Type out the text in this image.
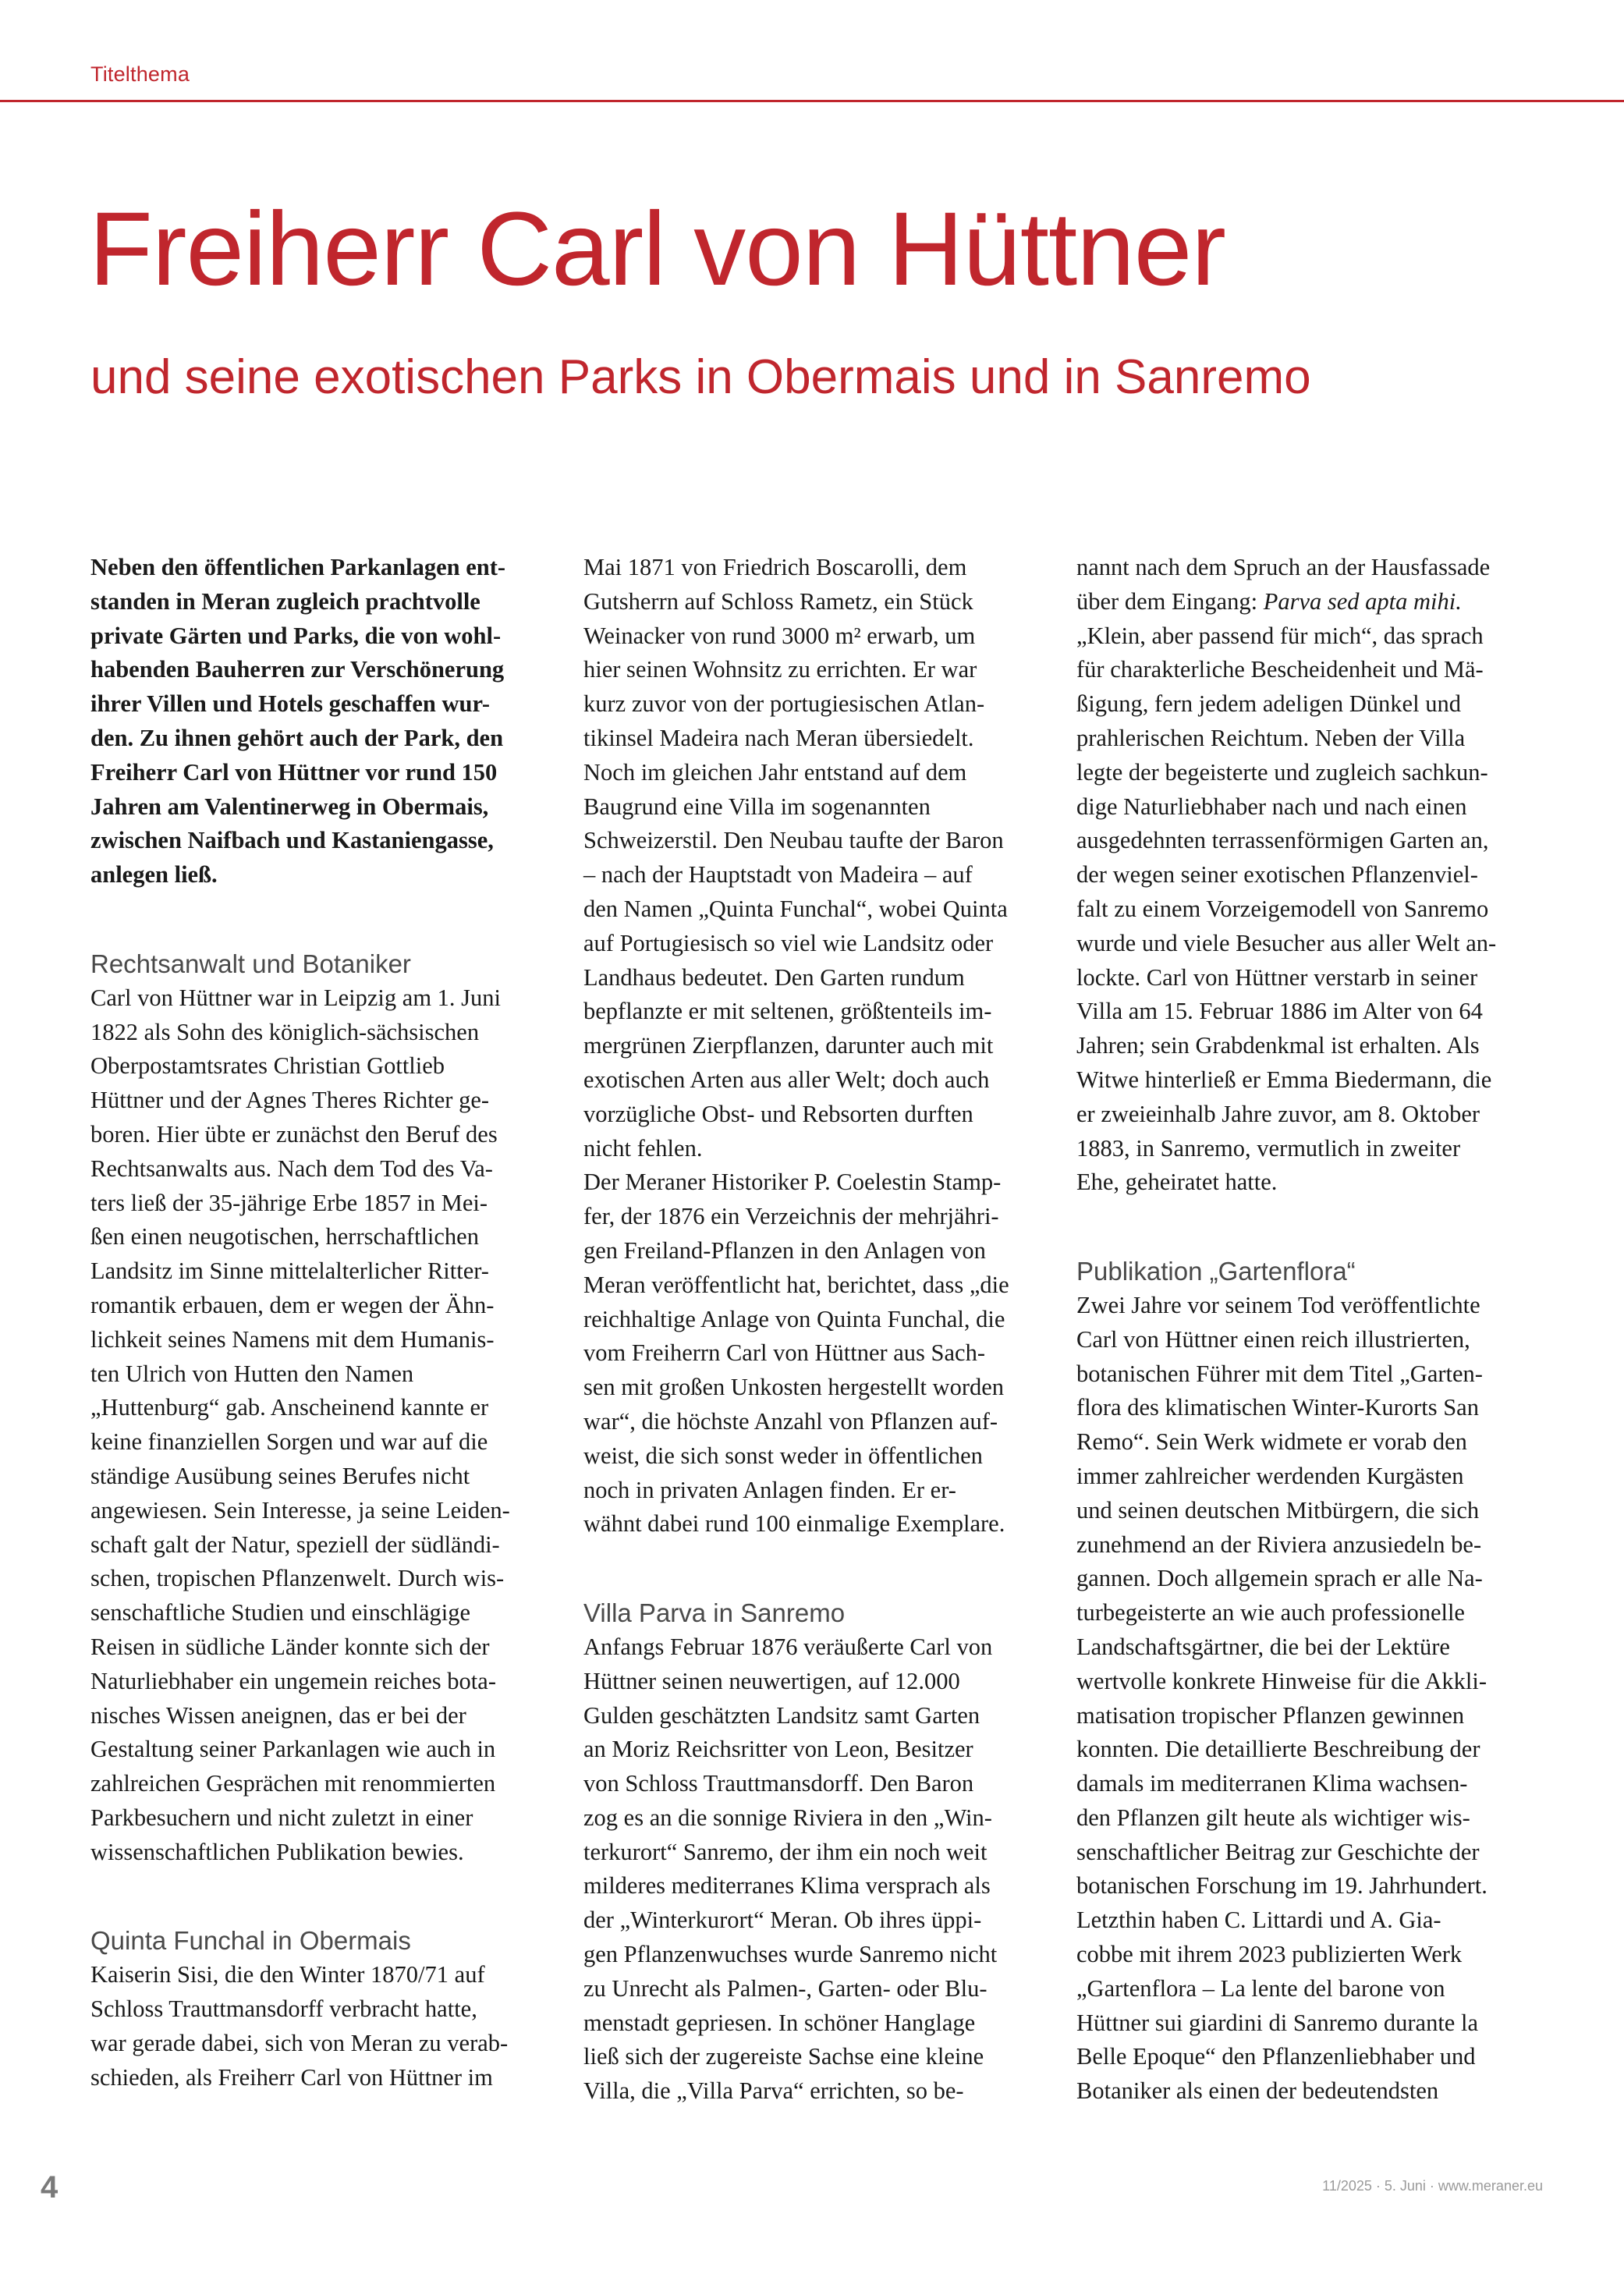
Titelthema
Freiherr Carl von Hüttner
und seine exotischen Parks in Obermais und in Sanremo

Neben den öffentlichen Parkanlagen ent-
standen in Meran zugleich prachtvolle
private Gärten und Parks, die von wohl-
habenden Bauherren zur Verschönerung
ihrer Villen und Hotels geschaffen wur-
den. Zu ihnen gehört auch der Park, den
Freiherr Carl von Hüttner vor rund 150
Jahren am Valentinerweg in Obermais,
zwischen Naifbach und Kastaniengasse,
anlegen ließ.

Rechtsanwalt und Botaniker

Carl von Hüttner war in Leipzig am 1. Juni
1822 als Sohn des königlich-sächsischen
Oberpostamtsrates Christian Gottlieb
Hüttner und der Agnes Theres Richter ge-
boren. Hier übte er zunächst den Beruf des
Rechtsanwalts aus. Nach dem Tod des Va-
ters ließ der 35-jährige Erbe 1857 in Mei-
ßen einen neugotischen, herrschaftlichen
Landsitz im Sinne mittelalterlicher Ritter-
romantik erbauen, dem er wegen der Ähn-
lichkeit seines Namens mit dem Humanis-
ten Ulrich von Hutten den Namen
„Huttenburg“ gab. Anscheinend kannte er
keine finanziellen Sorgen und war auf die
ständige Ausübung seines Berufes nicht
angewiesen. Sein Interesse, ja seine Leiden-
schaft galt der Natur, speziell der südländi-
schen, tropischen Pflanzenwelt. Durch wis-
senschaftliche Studien und einschlägige
Reisen in südliche Länder konnte sich der
Naturliebhaber ein ungemein reiches bota-
nisches Wissen aneignen, das er bei der
Gestaltung seiner Parkanlagen wie auch in
zahlreichen Gesprächen mit renommierten
Parkbesuchern und nicht zuletzt in einer
wissenschaftlichen Publikation bewies.

Quinta Funchal in Obermais

Kaiserin Sisi, die den Winter 1870/71 auf
Schloss Trauttmansdorff verbracht hatte,
war gerade dabei, sich von Meran zu verab-
schieden, als Freiherr Carl von Hüttner im

Mai 1871 von Friedrich Boscarolli, dem
Gutsherrn auf Schloss Rametz, ein Stück
Weinacker von rund 3000 m² erwarb, um
hier seinen Wohnsitz zu errichten. Er war
kurz zuvor von der portugiesischen Atlan-
tikinsel Madeira nach Meran übersiedelt.
Noch im gleichen Jahr entstand auf dem
Baugrund eine Villa im sogenannten
Schweizerstil. Den Neubau taufte der Baron
– nach der Hauptstadt von Madeira – auf
den Namen „Quinta Funchal“, wobei Quinta
auf Portugiesisch so viel wie Landsitz oder
Landhaus bedeutet. Den Garten rundum
bepflanzte er mit seltenen, größtenteils im-
mergrünen Zierpflanzen, darunter auch mit
exotischen Arten aus aller Welt; doch auch
vorzügliche Obst- und Rebsorten durften
nicht fehlen.

Der Meraner Historiker P. Coelestin Stamp-
fer, der 1876 ein Verzeichnis der mehrjähri-
gen Freiland-Pflanzen in den Anlagen von
Meran veröffentlicht hat, berichtet, dass „die
reichhaltige Anlage von Quinta Funchal, die
vom Freiherrn Carl von Hüttner aus Sach-
sen mit großen Unkosten hergestellt worden
war“, die höchste Anzahl von Pflanzen auf-
weist, die sich sonst weder in öffentlichen
noch in privaten Anlagen finden. Er er-
wähnt dabei rund 100 einmalige Exemplare.

Villa Parva in Sanremo

Anfangs Februar 1876 veräußerte Carl von
Hüttner seinen neuwertigen, auf 12.000
Gulden geschätzten Landsitz samt Garten
an Moriz Reichsritter von Leon, Besitzer
von Schloss Trauttmansdorff. Den Baron
zog es an die sonnige Riviera in den „Win-
terkurort“ Sanremo, der ihm ein noch weit
milderes mediterranes Klima versprach als
der „Winterkurort“ Meran. Ob ihres üppi-
gen Pflanzenwuchses wurde Sanremo nicht
zu Unrecht als Palmen-, Garten- oder Blu-
menstadt gepriesen. In schöner Hanglage
ließ sich der zugereiste Sachse eine kleine
Villa, die „Villa Parva“ errichten, so be-

nannt nach dem Spruch an der Hausfassade
über dem Eingang: Parva sed apta mihi.
„Klein, aber passend für mich“, das sprach
für charakterliche Bescheidenheit und Mä-
ßigung, fern jedem adeligen Dünkel und
prahlerischen Reichtum. Neben der Villa
legte der begeisterte und zugleich sachkun-
dige Naturliebhaber nach und nach einen
ausgedehnten terrassenförmigen Garten an,
der wegen seiner exotischen Pflanzenviel-
falt zu einem Vorzeigemodell von Sanremo
wurde und viele Besucher aus aller Welt an-
lockte. Carl von Hüttner verstarb in seiner
Villa am 15. Februar 1886 im Alter von 64
Jahren; sein Grabdenkmal ist erhalten. Als
Witwe hinterließ er Emma Biedermann, die
er zweieinhalb Jahre zuvor, am 8. Oktober
1883, in Sanremo, vermutlich in zweiter
Ehe, geheiratet hatte.

Publikation „Gartenflora“

Zwei Jahre vor seinem Tod veröffentlichte
Carl von Hüttner einen reich illustrierten,
botanischen Führer mit dem Titel „Garten-
flora des klimatischen Winter-Kurorts San
Remo“. Sein Werk widmete er vorab den
immer zahlreicher werdenden Kurgästen
und seinen deutschen Mitbürgern, die sich
zunehmend an der Riviera anzusiedeln be-
gannen. Doch allgemein sprach er alle Na-
turbegeisterte an wie auch professionelle
Landschaftsgärtner, die bei der Lektüre
wertvolle konkrete Hinweise für die Akkli-
matisation tropischer Pflanzen gewinnen
konnten. Die detaillierte Beschreibung der
damals im mediterranen Klima wachsen-
den Pflanzen gilt heute als wichtiger wis-
senschaftlicher Beitrag zur Geschichte der
botanischen Forschung im 19. Jahrhundert.
Letzthin haben C. Littardi und A. Gia-
cobbe mit ihrem 2023 publizierten Werk
„Gartenflora – La lente del barone von
Hüttner sui giardini di Sanremo durante la
Belle Epoque“ den Pflanzenliebhaber und
Botaniker als einen der bedeutendsten

4	11/2025 · 5. Juni · www.meraner.eu
